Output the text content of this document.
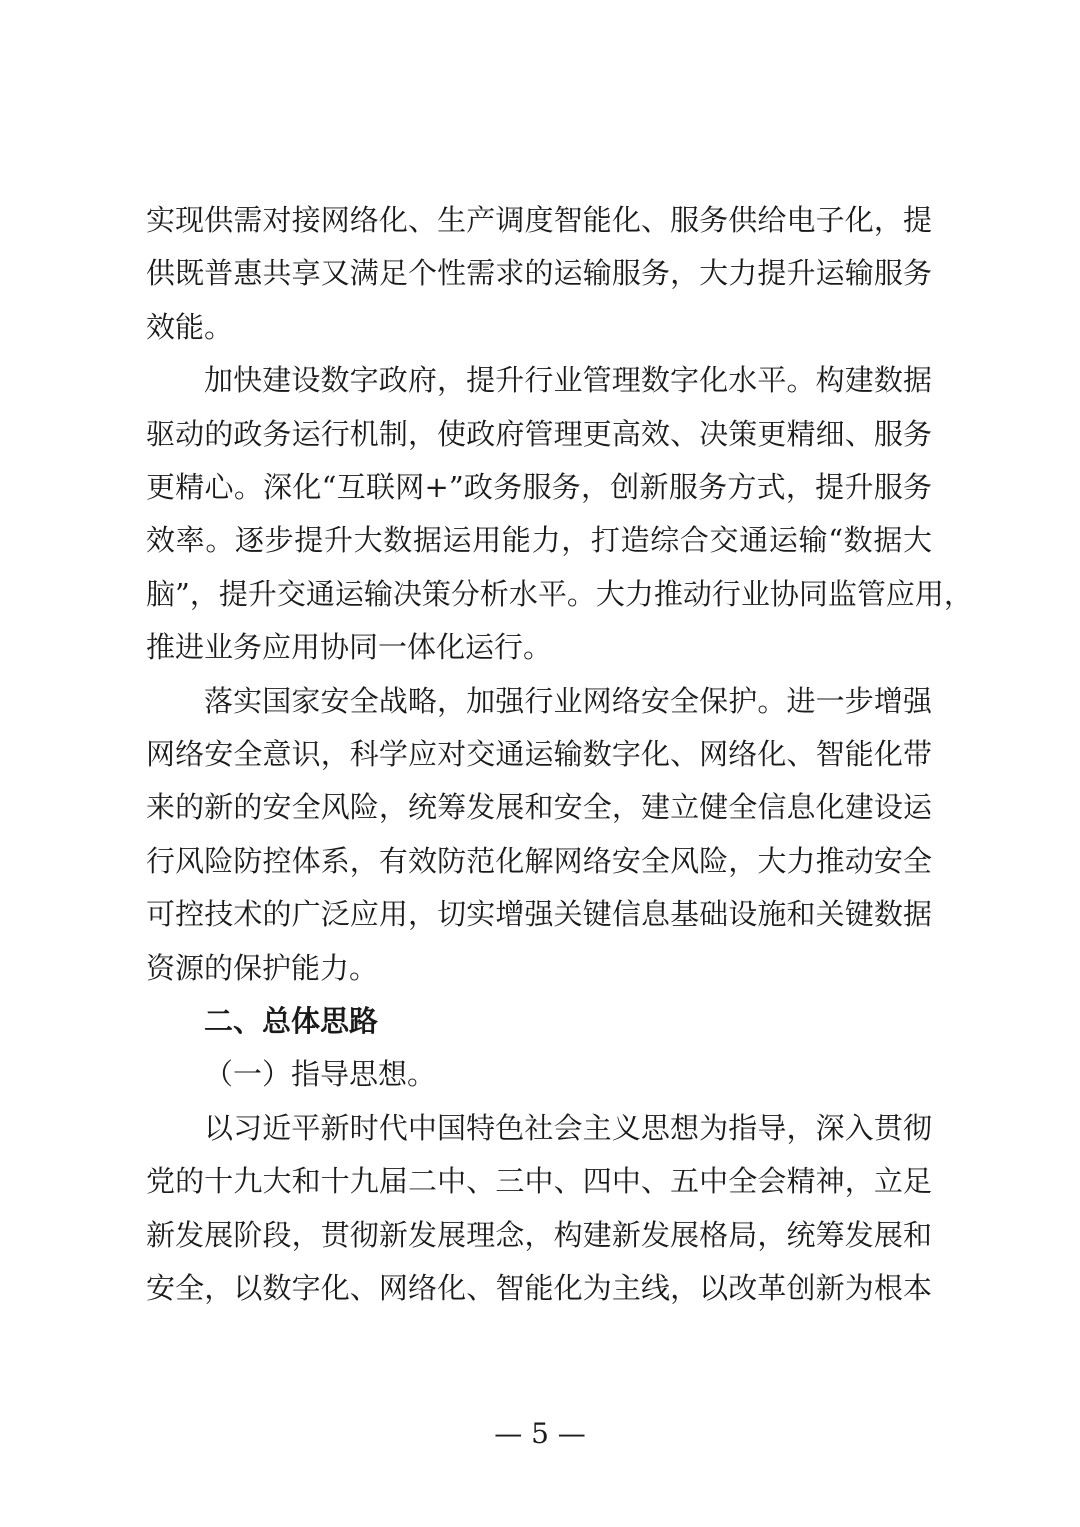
实现供需对接网络化、生产调度智能化、服务供给电子化，提
供既普惠共享又满足个性需求的运输服务，大力提升运输服务
效能。
加快建设数字政府，提升行业管理数字化水平。构建数据
驱动的政务运行机制，使政府管理更高效、决策更精细、服务
更精心。深化“互联网+”政务服务，创新服务方式，提升服务
效率。逐步提升大数据运用能力，打造综合交通运输“数据大
脑”，提升交通运输决策分析水平。大力推动行业协同监管应用，
推进业务应用协同一体化运行。
落实国家安全战略，加强行业网络安全保护。进一步增强
网络安全意识，科学应对交通运输数字化、网络化、智能化带
来的新的安全风险，统筹发展和安全，建立健全信息化建设运
行风险防控体系，有效防范化解网络安全风险，大力推动安全
可控技术的广泛应用，切实增强关键信息基础设施和关键数据
资源的保护能力。
二、总体思路
（一）指导思想。
以习近平新时代中国特色社会主义思想为指导，深入贯彻
党的十九大和十九届二中、三中、四中、五中全会精神，立足
新发展阶段，贯彻新发展理念，构建新发展格局，统筹发展和
安全，以数字化、网络化、智能化为主线，以改革创新为根本
— 5 —
